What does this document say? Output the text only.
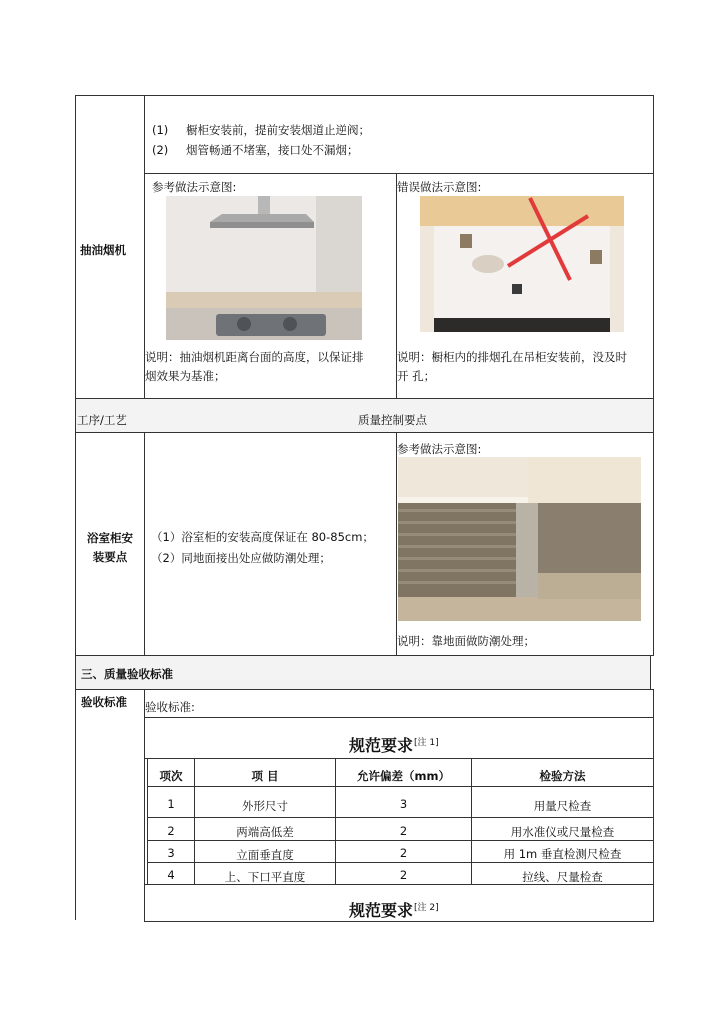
抽油烟机
(1) 橱柜安装前，提前安装烟道止逆阀；
(2) 烟管畅通不堵塞，接口处不漏烟；
参考做法示意图:	错误做法示意图:
说明：抽油烟机距离台面的高度，以保证排
烟效果为基准；
说明：橱柜内的排烟孔在吊柜安装前，没及时
开 孔；
工序/工艺	质量控制要点
浴室柜安
装要点
（1）浴室柜的安装高度保证在 80-85cm；
（2）同地面接出处应做防潮处理；
参考做法示意图:
说明：靠地面做防潮处理；
三、质量验收标准
验收标准 验收标准:
规范要求[注 1]
项次	项 目	允许偏差（mm）	检验方法
1	外形尺寸	3	用量尺检查
2	两端高低差	2	用水准仪或尺量检查
3	立面垂直度	2	用 1m 垂直检测尺检查
4	上、下口平直度	2	拉线、尺量检查
规范要求[注 2]
